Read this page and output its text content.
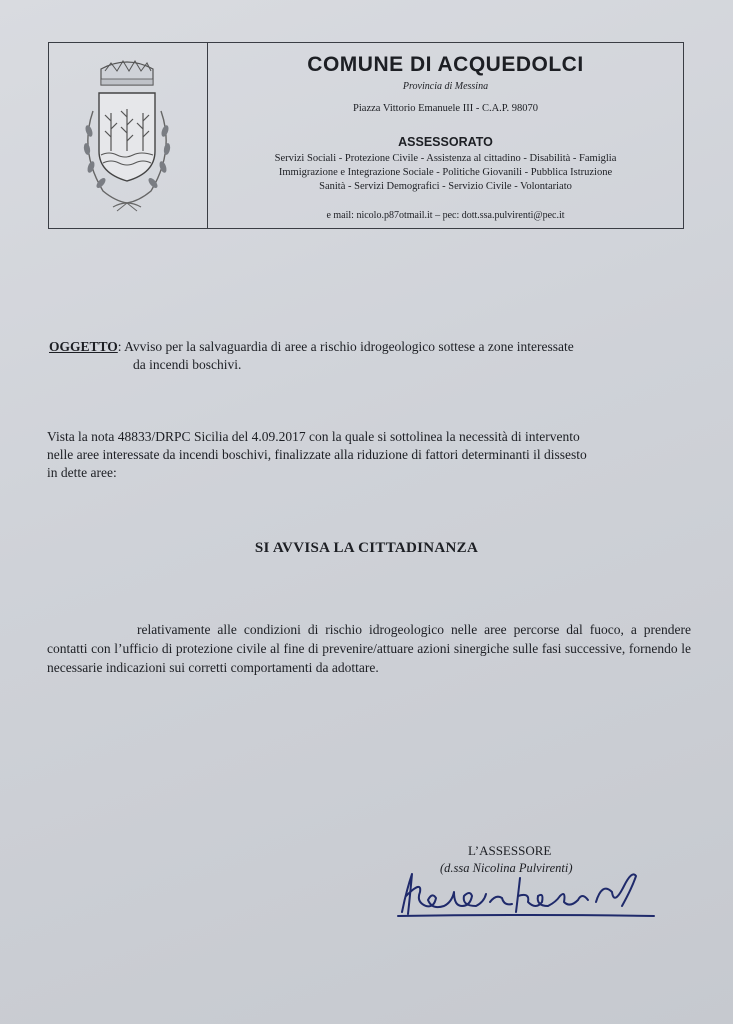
COMUNE DI ACQUEDOLCI
Provincia di Messina
Piazza Vittorio Emanuele III - C.A.P. 98070
ASSESSORATO
Servizi Sociali - Protezione Civile - Assistenza al cittadino - Disabilità - Famiglia
Immigrazione e Integrazione Sociale - Politiche Giovanili - Pubblica Istruzione
Sanità - Servizi Demografici - Servizio Civile - Volontariato
e mail: nicolo.p87otmail.it – pec: dott.ssa.pulvirenti@pec.it
OGGETTO: Avviso per la salvaguardia di aree a rischio idrogeologico sottese a zone interessate
da incendi boschivi.
Vista la nota 48833/DRPC Sicilia del 4.09.2017 con la quale si sottolinea la necessità di intervento
nelle aree interessate da incendi boschivi, finalizzate alla riduzione di fattori determinanti il dissesto
in dette aree:
SI AVVISA LA CITTADINANZA
relativamente alle condizioni di rischio idrogeologico nelle aree percorse dal fuoco, a prendere contatti con l’ufficio di protezione civile al fine di prevenire/attuare azioni sinergiche sulle fasi successive, fornendo le necessarie indicazioni sui corretti comportamenti da adottare.
L’ASSESSORE
(d.ssa Nicolina Pulvirenti)
